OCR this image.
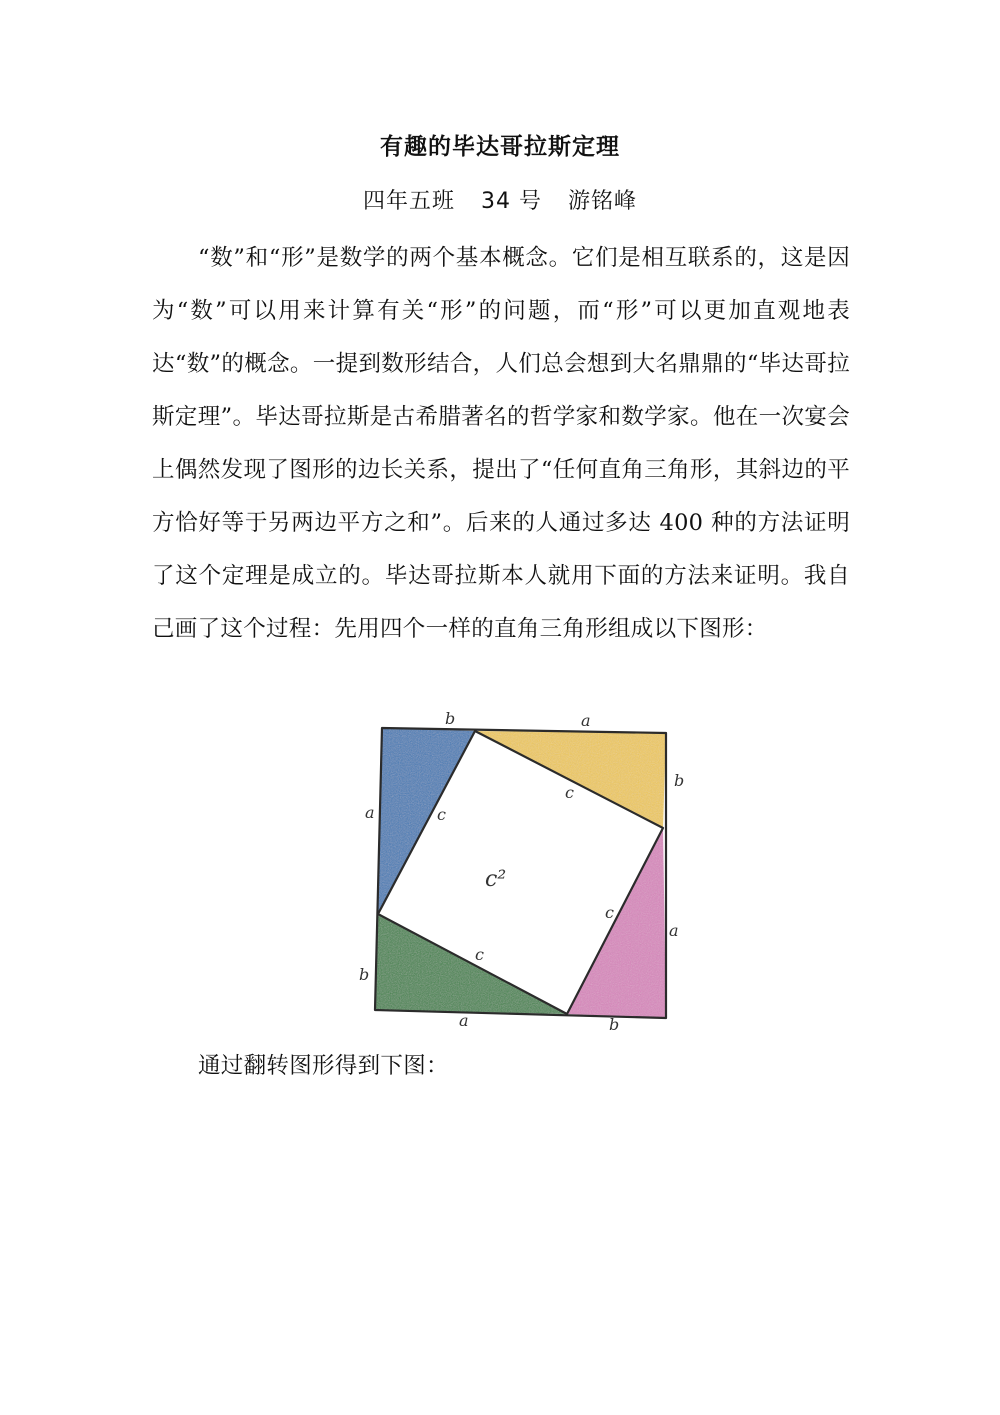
有趣的毕达哥拉斯定理
四年五班 34 号 游铭峰
“数”和“形”是数学的两个基本概念。它们是相互联系的，这是因为“数”可以用来计算有关“形”的问题，而“形”可以更加直观地表达“数”的概念。一提到数形结合，人们总会想到大名鼎鼎的“毕达哥拉斯定理”。毕达哥拉斯是古希腊著名的哲学家和数学家。他在一次宴会上偶然发现了图形的边长关系，提出了“任何直角三角形，其斜边的平方恰好等于另两边平方之和”。后来的人通过多达 400 种的方法证明了这个定理是成立的。毕达哥拉斯本人就用下面的方法来证明。我自己画了这个过程：先用四个一样的直角三角形组成以下图形：
b	a
b
a
c
c
c²
c
a
c
b
a	b
通过翻转图形得到下图：
